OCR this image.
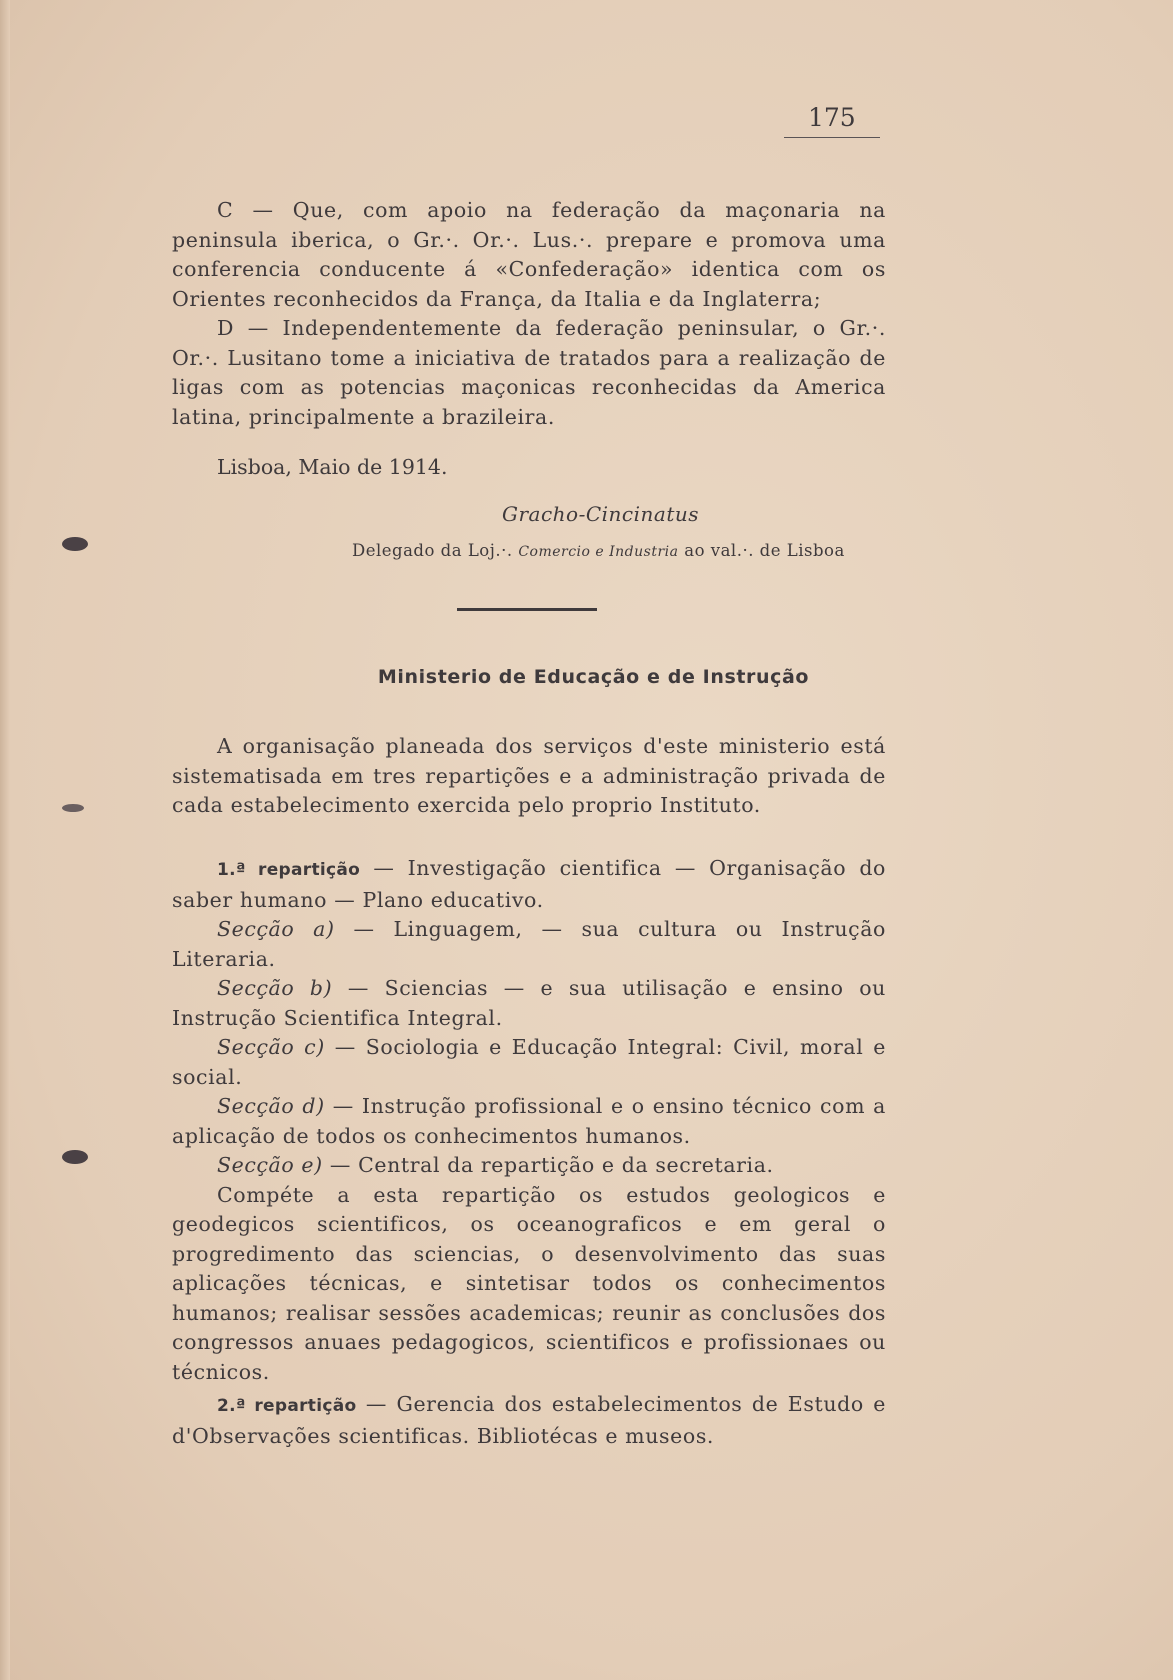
175

C — Que, com apoio na federação da maçonaria na peninsula iberica, o Gr.·. Or.·. Lus.·. prepare e promova uma conferencia conducente á «Confederação» identica com os Orientes reconhecidos da França, da Italia e da Inglaterra;

D — Independentemente da federação peninsular, o Gr.·. Or.·. Lusitano tome a iniciativa de tratados para a realização de ligas com as potencias maçonicas reconhecidas da America latina, principalmente a brazileira.

Lisboa, Maio de 1914.
Gracho-Cincinatus
Delegado da Loj.·. Comercio e Industria ao val.·. de Lisboa
Ministerio de Educação e de Instrução

A organisação planeada dos serviços d'este ministerio está sistematisada em tres repartições e a administração privada de cada estabelecimento exercida pelo proprio Instituto.

1.ª repartição — Investigação cientifica — Organisação do saber humano — Plano educativo.

Secção a) — Linguagem, — sua cultura ou Instrução Literaria.

Secção b) — Sciencias — e sua utilisação e ensino ou Instrução Scientifica Integral.

Secção c) — Sociologia e Educação Integral: Civil, moral e social.

Secção d) — Instrução profissional e o ensino técnico com a aplicação de todos os conhecimentos humanos.

Secção e) — Central da repartição e da secretaria.

Compéte a esta repartição os estudos geologicos e geodegicos scientificos, os oceanograficos e em geral o progredimento das sciencias, o desenvolvimento das suas aplicações técnicas, e sintetisar todos os conhecimentos humanos; realisar sessões academicas; reunir as conclusões dos congressos anuaes pedagogicos, scientificos e profissionaes ou técnicos.

2.ª repartição — Gerencia dos estabelecimentos de Estudo e d'Observações scientificas. Bibliotécas e museos.
